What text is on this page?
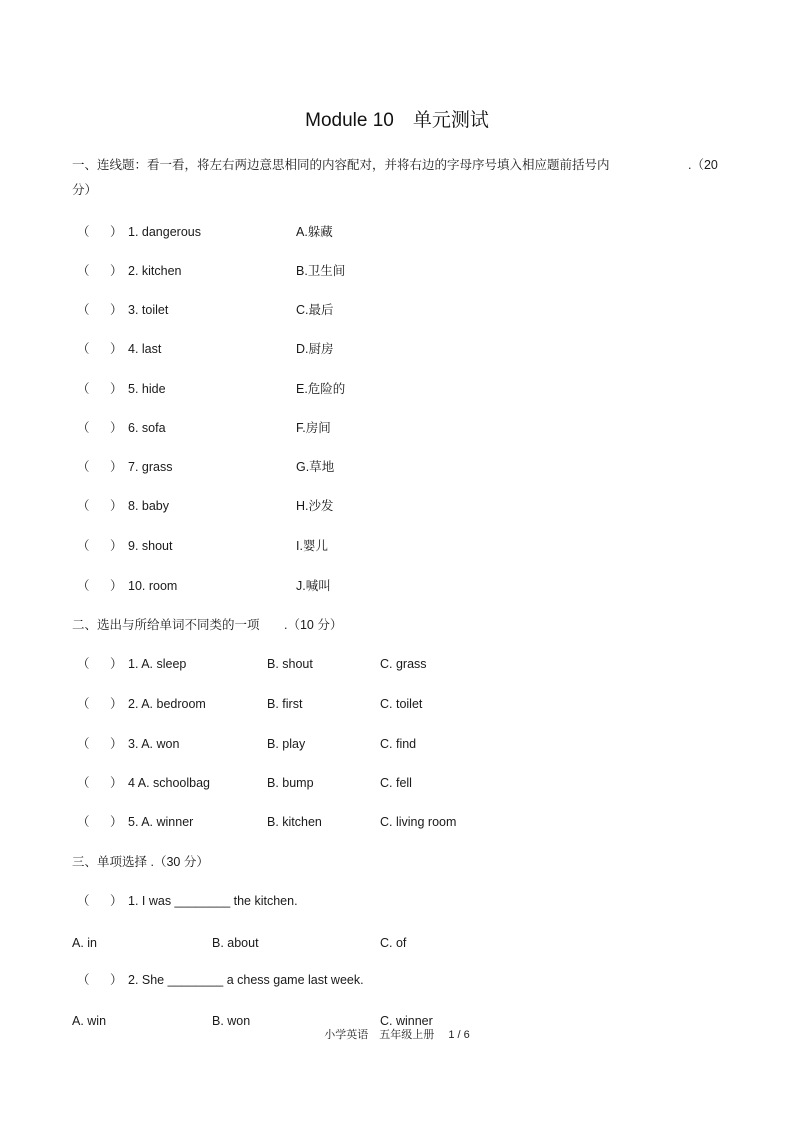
Module 10　单元测试
一、连线题：看一看，将左右两边意思相同的内容配对，并将右边的字母序号填入相应题前括号内	.（20
分）
（ ） 1. dangerous	A.躲藏
（ ） 2. kitchen	B.卫生间
（ ） 3. toilet	C.最后
（ ） 4. last	D.厨房
（ ） 5. hide	E.危险的
（ ） 6. sofa	F.房间
（ ） 7. grass	G.草地
（ ） 8. baby	H.沙发
（ ） 9. shout	I.婴儿
（ ） 10. room	J.喊叫
二、选出与所给单词不同类的一项 .（10 分）
（ ） 1. A. sleep	B. shout	C. grass
（ ） 2. A. bedroom	B. first	C. toilet
（ ） 3. A. won	B. play	C. find
（ ） 4 A. schoolbag	B. bump	C. fell
（ ） 5. A. winner	B. kitchen	C. living room
三、单项选择 .（30 分）
（ ） 1. I was ________ the kitchen.
A. in	B. about	C. of
（ ） 2. She ________ a chess game last week.
A. win	B. won	C. winner
小学英语　五年级上册　 1 / 6
